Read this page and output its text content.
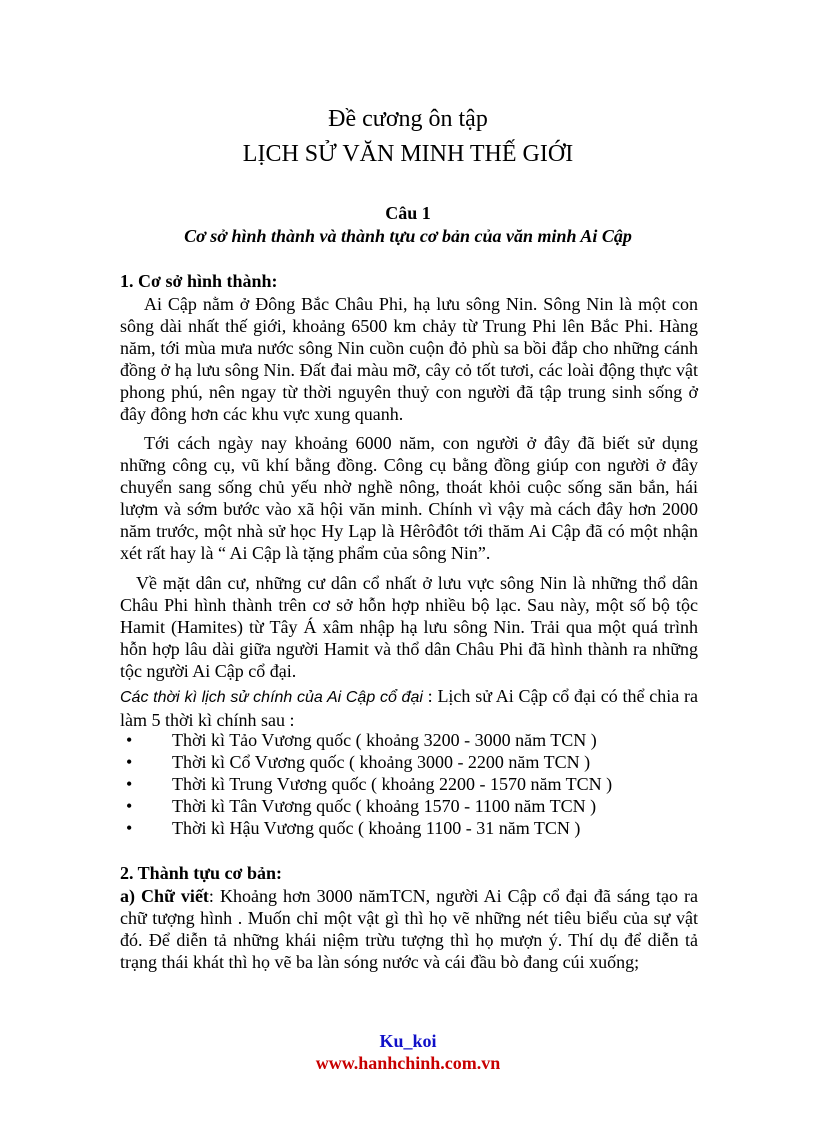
Đề cương ôn tập
LỊCH SỬ VĂN MINH THẾ GIỚI
Câu 1
Cơ sở hình thành và thành tựu cơ bản của văn minh Ai Cập
1. Cơ sở hình thành:

Ai Cập nằm ở Đông Bắc Châu Phi, hạ lưu sông Nin. Sông Nin là một con sông dài nhất thế giới, khoảng 6500 km chảy từ Trung Phi lên Bắc Phi. Hàng năm, tới mùa mưa nước sông Nin cuồn cuộn đỏ phù sa bồi đắp cho những cánh đồng ở hạ lưu sông Nin. Đất đai màu mỡ, cây cỏ tốt tươi, các loài động thực vật phong phú, nên ngay từ thời nguyên thuỷ con người đã tập trung sinh sống ở đây đông hơn các khu vực xung quanh.

Tới cách ngày nay khoảng 6000 năm, con người ở đây đã biết sử dụng những công cụ, vũ khí bằng đồng. Công cụ bằng đồng giúp con người ở đây chuyển sang sống chủ yếu nhờ nghề nông, thoát khỏi cuộc sống săn bắn, hái lượm và sớm bước vào xã hội văn minh. Chính vì vậy mà cách đây hơn 2000 năm trước, một nhà sử học Hy Lạp là Hêrôđôt tới thăm Ai Cập đã có một nhận xét rất hay là “ Ai Cập là tặng phẩm của sông Nin”.

Về mặt dân cư, những cư dân cổ nhất ở lưu vực sông Nin là những thổ dân Châu Phi hình thành trên cơ sở hỗn hợp nhiều bộ lạc. Sau này, một số bộ tộc Hamit (Hamites) từ Tây Á xâm nhập hạ lưu sông Nin. Trải qua một quá trình hỗn hợp lâu dài giữa người Hamit và thổ dân Châu Phi đã hình thành ra những tộc người Ai Cập cổ đại.

Các thời kì lịch sử chính của Ai Cập cổ đại : Lịch sử Ai Cập cổ đại có thể chia ra làm 5 thời kì chính sau :

• Thời kì Tảo Vương quốc ( khoảng 3200 - 3000 năm TCN )
• Thời kì Cổ Vương quốc ( khoảng 3000 - 2200 năm TCN )
• Thời kì Trung Vương quốc ( khoảng 2200 - 1570 năm TCN )
• Thời kì Tân Vương quốc ( khoảng 1570 - 1100 năm TCN )
• Thời kì Hậu Vương quốc ( khoảng 1100 - 31 năm TCN )
2. Thành tựu cơ bản:

a) Chữ viết: Khoảng hơn 3000 nămTCN, người Ai Cập cổ đại đã sáng tạo ra chữ tượng hình . Muốn chỉ một vật gì thì họ vẽ những nét tiêu biểu của sự vật đó. Để diễn tả những khái niệm trừu tượng thì họ mượn ý. Thí dụ để diễn tả trạng thái khát thì họ vẽ ba làn sóng nước và cái đầu bò đang cúi xuống;

Ku_koi
www.hanhchinh.com.vn
